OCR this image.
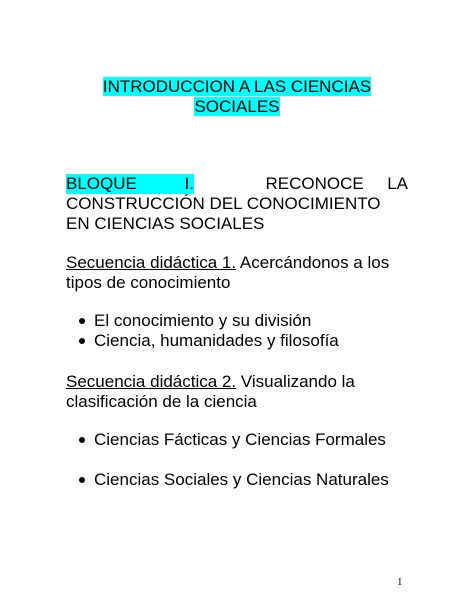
INTRODUCCION A LAS CIENCIAS
SOCIALES
BLOQUE	I.	RECONOCE LA
CONSTRUCCIÓN DEL CONOCIMIENTO
EN CIENCIAS SOCIALES
Secuencia didáctica 1. Acercándonos a los
tipos de conocimiento
El conocimiento y su división
Ciencia, humanidades y filosofía
Secuencia didáctica 2. Visualizando la
clasificación de la ciencia
Ciencias Fácticas y Ciencias Formales
Ciencias Sociales y Ciencias Naturales
1
